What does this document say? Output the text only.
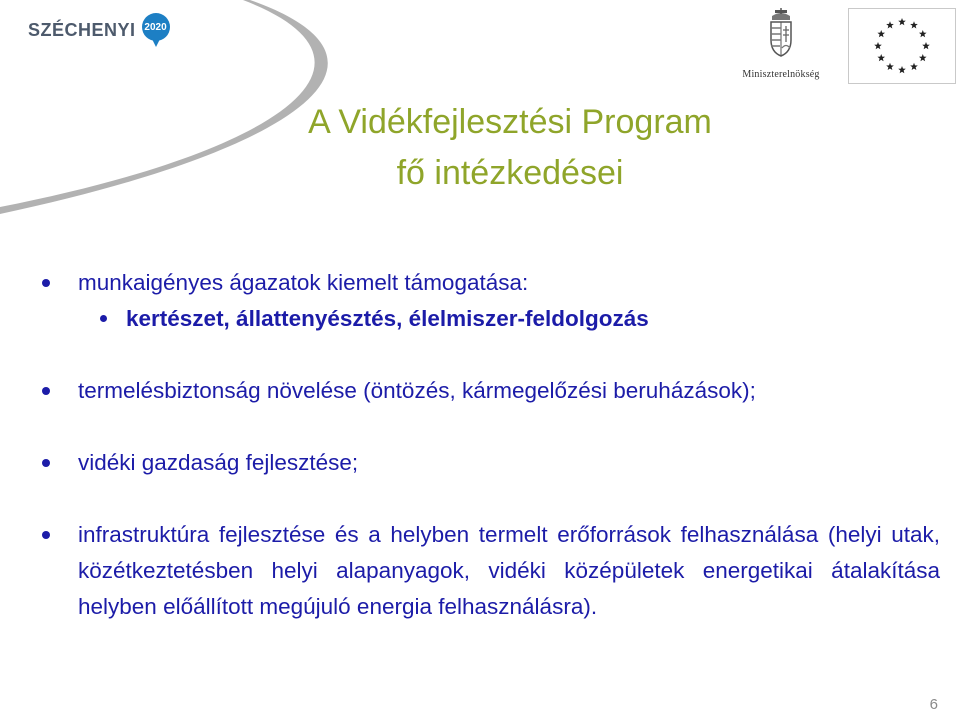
SZÉCHENYI 2020
Miniszterelnökség
A Vidékfejlesztési Program
fő intézkedései
munkaigényes ágazatok kiemelt támogatása:
kertészet, állattenyésztés, élelmiszer-feldolgozás
termelésbiztonság növelése (öntözés, kármegelőzési beruházások);
vidéki gazdaság fejlesztése;
infrastruktúra fejlesztése és a helyben termelt erőforrások felhasználása (helyi utak, közétkeztetésben helyi alapanyagok, vidéki középületek energetikai átalakítása helyben előállított megújuló energia felhasználásra).
6
